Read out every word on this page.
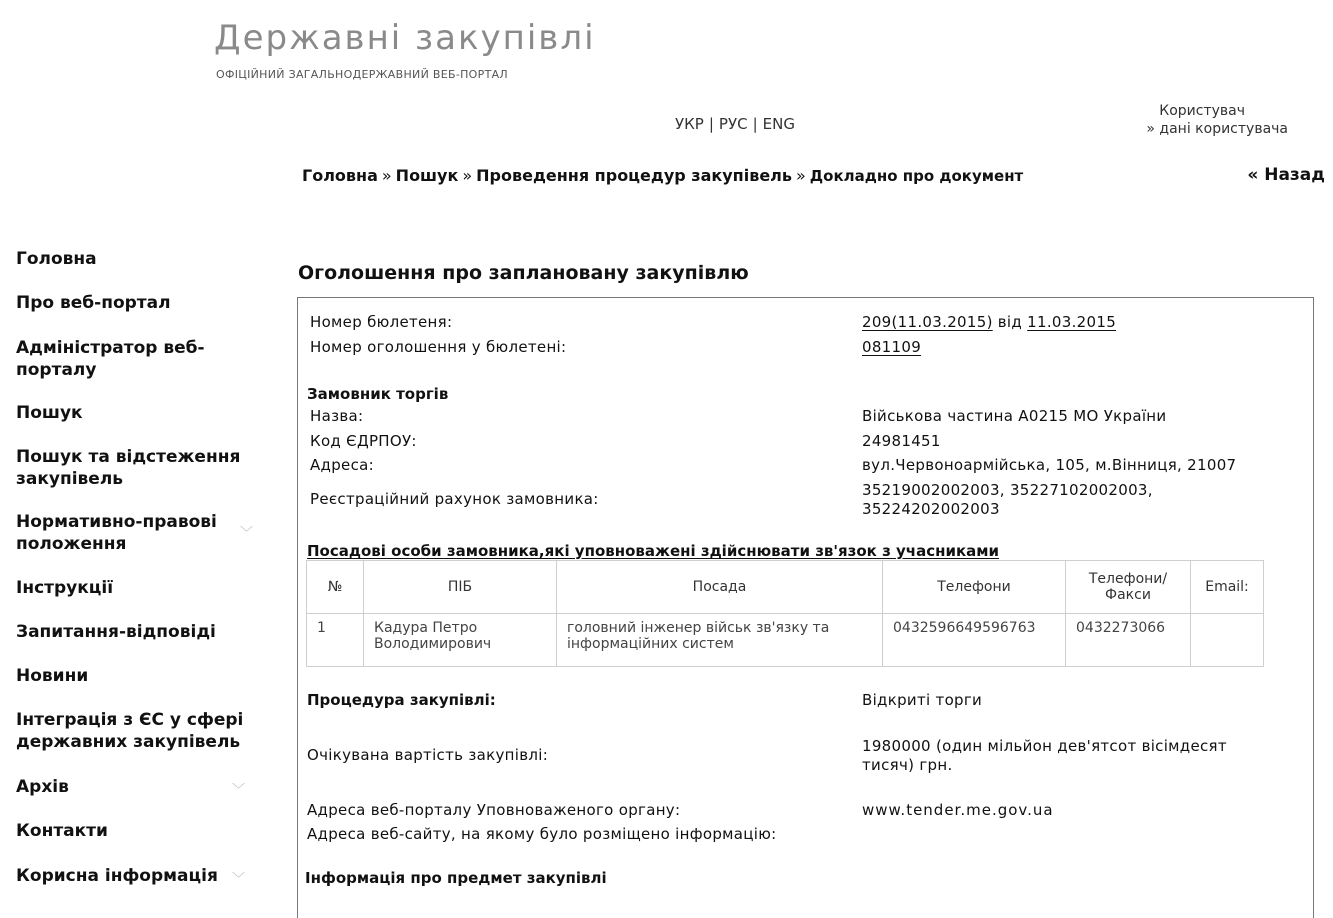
Державні закупівлі
ОФІЦІЙНИЙ ЗАГАЛЬНОДЕРЖАВНИЙ ВЕБ-ПОРТАЛ
УКР | РУС | ENG
Користувач
» дані користувача
Головна » Пошук » Проведення процедур закупівель » Докладно про документ	« Назад
Головна
Про веб-портал
Адміністратор веб-порталу
Пошук
Пошук та відстеження закупівель
Нормативно-правові положення
﹀
Інструкції
Запитання-відповіді
Новини
Інтеграція з ЄС у сфері державних закупівель
Архів	﹀
Контакти
Корисна інформація ﹀
Оголошення про заплановану закупівлю
Номер бюлетеня:	209(11.03.2015) від 11.03.2015
Номер оголошення у бюлетені:	081109
Замовник торгів
Назва:	Військова частина А0215 МО України
Код ЄДРПОУ:	24981451
Адреса:	вул.Червоноармійська, 105, м.Вінниця, 21007
Реєстраційний рахунок замовника:	35219002002003, 35227102002003, 35224202002003
Посадові особи замовника,які уповноважені здійснювати зв'язок з учасниками
№	ПІБ	Посада	Телефони	Телефони/ Факси	Email:
1	Кадура Петро Володимирович	головний інженер військ зв'язку та інформаційних систем	0432596649596763	0432273066	
Процедура закупівлі:	Відкриті торги
Очікувана вартість закупівлі:	1980000 (один мільйон дев'ятсот вісімдесят тисяч) грн.
Адреса веб-порталу Уповноваженого органу:	www.tender.me.gov.ua
Адреса веб-сайту, на якому було розміщено інформацію:
Інформація про предмет закупівлі
